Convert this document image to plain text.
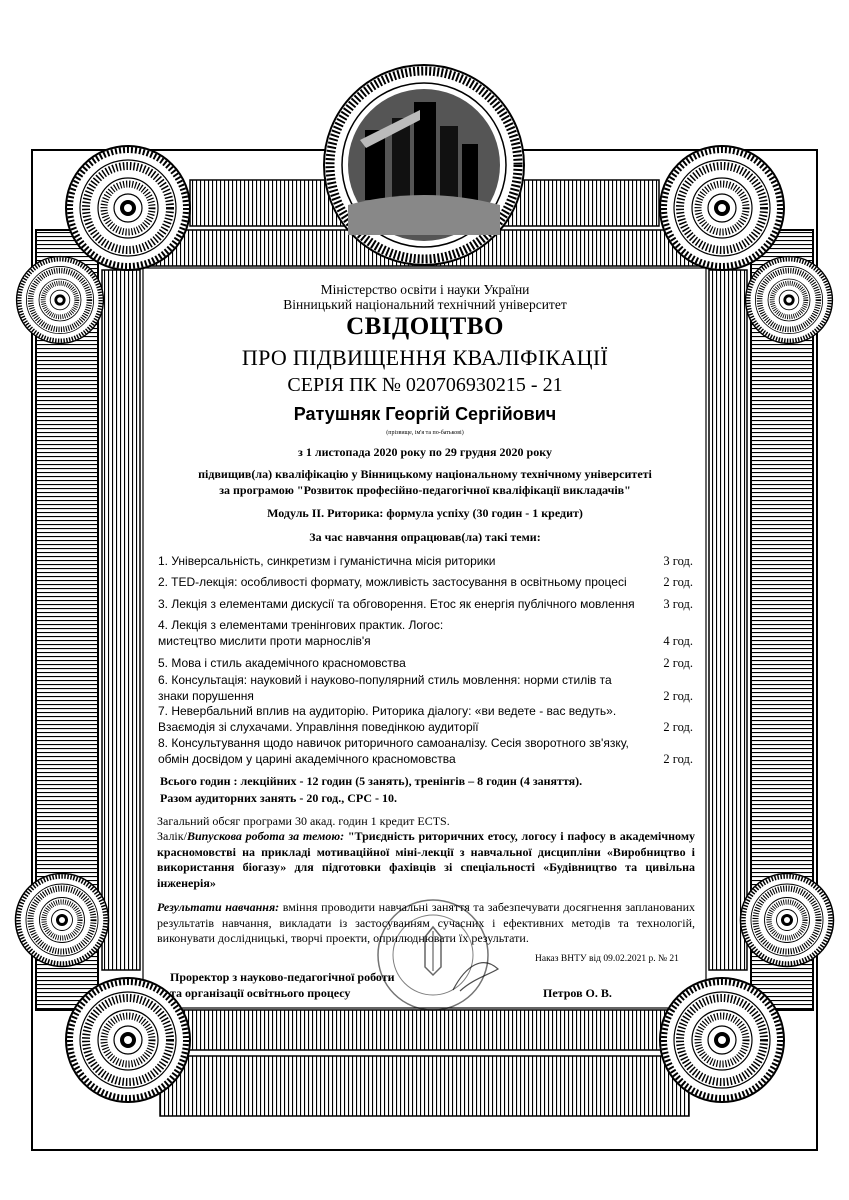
Міністерство освіти і науки України
Вінницький національний технічний університет
СВІДОЦТВО
ПРО ПІДВИЩЕННЯ КВАЛІФІКАЦІЇ
СЕРІЯ ПК № 020706930215 - 21
Ратушняк Георгій Сергійович
(прізвище, ім'я та по-батькові)
з 1 листопада 2020 року по 29 грудня 2020 року
підвищив(ла) кваліфікацію у Вінницькому національному технічному університеті
за програмою "Розвиток професійно-педагогічної кваліфікації викладачів"
Модуль II. Риторика: формула успіху (30 годин - 1 кредит)
За час навчання опрацював(ла) такі теми:
1. Універсальність, синкретизм і гуманістична місія риторики	3 год.
2. TED-лекція: особливості формату, можливість застосування в освітньому процесі	2 год.
3. Лекція з елементами дискусії та обговорення. Етос як енергія публічного мовлення 3 год.
4. Лекція з елементами тренінгових практик. Логос: мистецтво мислити проти марнослів'я	4 год.
5. Мова і стиль академічного красномовства	2 год.
6. Консультація: науковий і науково-популярний стиль мовлення: норми стилів та знаки порушення	2 год.
7. Невербальний вплив на аудиторію. Риторика діалогу: «ви ведете - вас ведуть». Взаємодія зі слухачами. Управління поведінкою аудиторії	2 год.
8. Консультування щодо навичок риторичного самоаналізу. Сесія зворотного зв'язку, обмін досвідом у царині академічного красномовства	2 год.
Всього годин : лекційних - 12 годин (5 занять), тренінгів – 8 годин (4 заняття).
Разом аудиторних занять - 20 год., СРС - 10.
Загальний обсяг програми 30 акад. годин 1 кредит ECTS.
Залік/Випускова робота за темою: "Триєдність риторичних етосу, логосу і пафосу в академічному красномовстві на прикладі мотиваційної міні-лекції з навчальної дисципліни «Виробництво і використання біогазу» для підготовки фахівців зі спеціальності «Будівництво та цивільна інженерія»
Результати навчання: вміння проводити навчальні заняття та забезпечувати досягнення запланованих результатів навчання, викладати із застосуванням сучасних і ефективних методів та технологій, виконувати дослідницькі, творчі проекти, оприлюднювати їх результати.
Наказ ВНТУ від 09.02.2021 р. № 21
Проректор з науково-педагогічної роботи
та організації освітнього процесу	Петров О. В.
